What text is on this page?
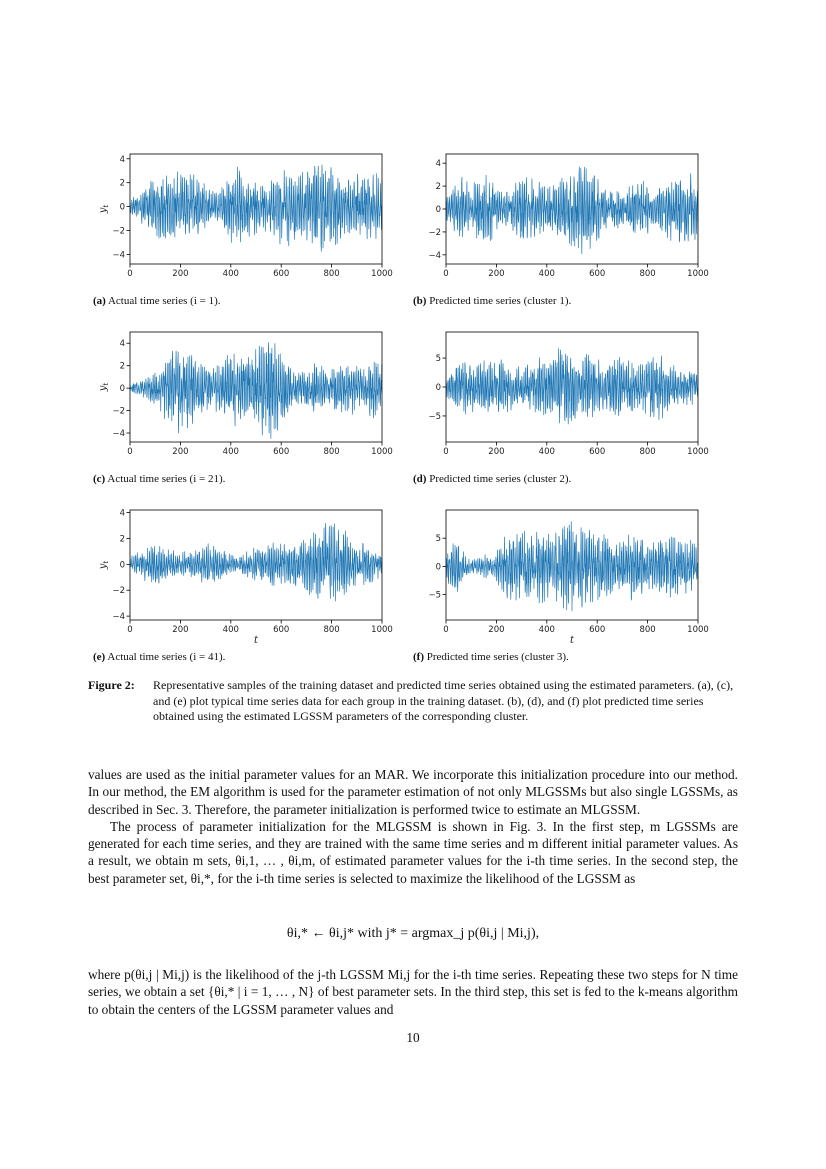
0	200	400	600	800	1000
−4
−2
0
2
4
$y_t$
0	200	400	600	800	1000
−4
−2
0
2
4
0	200	400	600	800	1000
−4
−2
0
2
4
$y_t$
0	200	400	600	800	1000
−5
0
5
0	200	400	600	800	1000
−4
−2
0
2
4
$y_t$
t
0	200	400	600	800	1000
−5
0
5
t
(a) Actual time series (i = 1).	(b) Predicted time series (cluster 1).
(c) Actual time series (i = 21).	(d) Predicted time series (cluster 2).
(e) Actual time series (i = 41).	(f) Predicted time series (cluster 3).
Figure 2: Representative samples of the training dataset and predicted time series obtained using the estimated parameters. (a), (c), and (e) plot typical time series data for each group in the training dataset. (b), (d), and (f) plot predicted time series obtained using the estimated LGSSM parameters of the corresponding cluster.

values are used as the initial parameter values for an MAR. We incorporate this initialization procedure into our method. In our method, the EM algorithm is used for the parameter estimation of not only MLGSSMs but also single LGSSMs, as described in Sec. 3. Therefore, the parameter initialization is performed twice to estimate an MLGSSM.

The process of parameter initialization for the MLGSSM is shown in Fig. 3. In the first step, m LGSSMs are generated for each time series, and they are trained with the same time series and m different initial parameter values. As a result, we obtain m sets, θi,1, … , θi,m, of estimated parameter values for the i-th time series. In the second step, the best parameter set, θi,*, for the i-th time series is selected to maximize the likelihood of the LGSSM as

θi,* ← θi,j* with j* = argmax_j p(θi,j | Mi,j),
where p(θi,j | Mi,j) is the likelihood of the j-th LGSSM Mi,j for the i-th time series. Repeating these two steps for N time series, we obtain a set {θi,* | i = 1, … , N} of best parameter sets. In the third step, this set is fed to the k-means algorithm to obtain the centers of the LGSSM parameter values and
10
